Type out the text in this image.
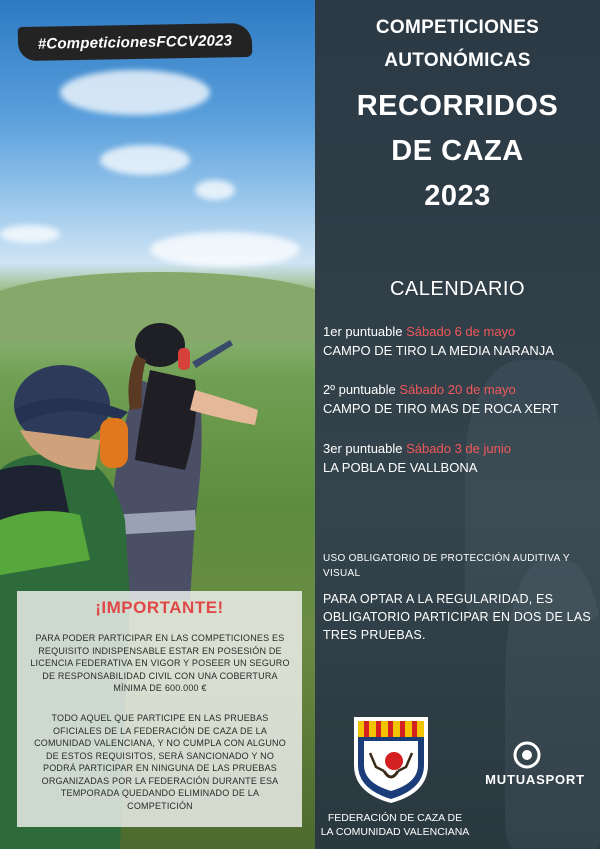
#CompeticionesFCCV2023
COMPETICIONES
AUTONÓMICAS
RECORRIDOS
DE CAZA
2023
CALENDARIO
1er puntuable Sábado 6 de mayo
CAMPO DE TIRO LA MEDIA NARANJA
2º puntuable Sábado 20 de mayo
CAMPO DE TIRO MAS DE ROCA XERT
3er puntuable Sábado 3 de junio
LA POBLA DE VALLBONA
USO OBLIGATORIO DE PROTECCIÓN AUDITIVA Y VISUAL
PARA OPTAR A LA REGULARIDAD, ES OBLIGATORIO PARTICIPAR EN DOS DE LAS TRES PRUEBAS.
FEDERACIÓN DE CAZA DE
LA COMUNIDAD VALENCIANA
MUTUASPORT
¡IMPORTANTE!
PARA PODER PARTICIPAR EN LAS COMPETICIONES ES REQUISITO INDISPENSABLE ESTAR EN POSESIÓN DE LICENCIA FEDERATIVA EN VIGOR Y POSEER UN SEGURO DE RESPONSABILIDAD CIVIL CON UNA COBERTURA MÍNIMA DE 600.000 €
TODO AQUEL QUE PARTICIPE EN LAS PRUEBAS OFICIALES DE LA FEDERACIÓN DE CAZA DE LA COMUNIDAD VALENCIANA, Y NO CUMPLA CON ALGUNO DE ESTOS REQUISITOS, SERÁ SANCIONADO Y NO PODRÁ PARTICIPAR EN NINGUNA DE LAS PRUEBAS ORGANIZADAS POR LA FEDERACIÓN DURANTE ESA TEMPORADA QUEDANDO ELIMINADO DE LA COMPETICIÓN
